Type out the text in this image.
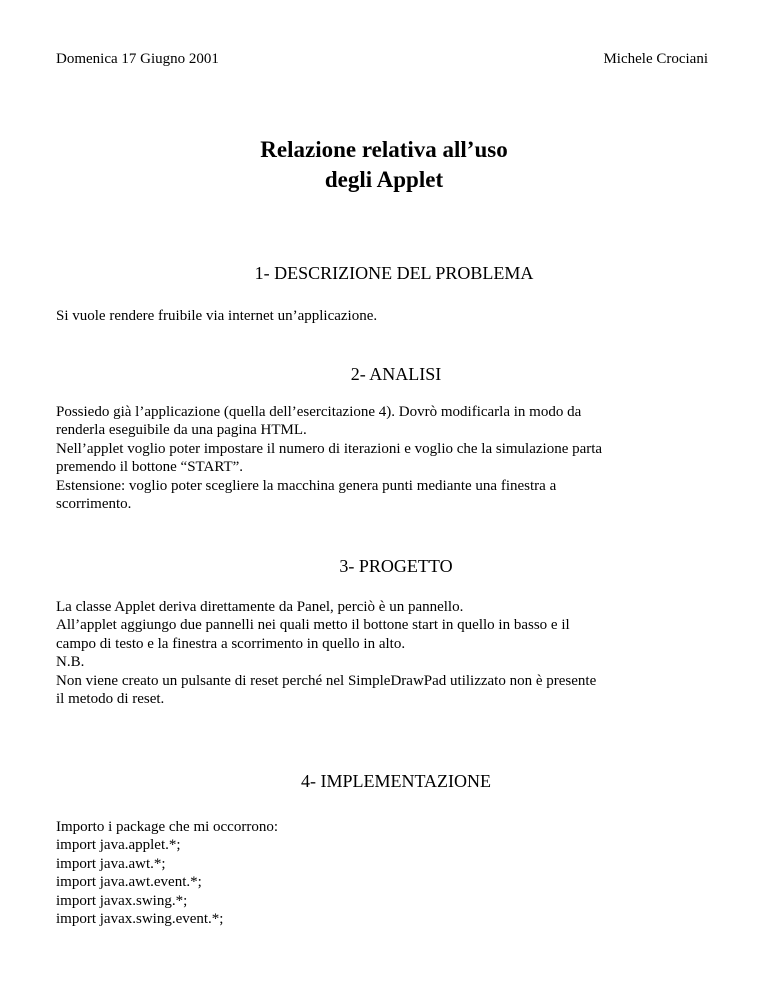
Domenica 17 Giugno 2001	Michele Crociani
Relazione relativa all’uso
degli Applet
1- DESCRIZIONE DEL PROBLEMA
Si vuole rendere fruibile via internet un’applicazione.
2- ANALISI
Possiedo già l’applicazione (quella dell’esercitazione 4). Dovrò modificarla in modo da
renderla eseguibile da una pagina HTML.
Nell’applet voglio poter impostare il numero di iterazioni e voglio che la simulazione parta
premendo il bottone “START”.
Estensione: voglio poter scegliere la macchina genera punti mediante una finestra a
scorrimento.
3- PROGETTO
La classe Applet deriva direttamente da Panel, perciò è un pannello.
All’applet aggiungo due pannelli nei quali metto il bottone start in quello in basso e il
campo di testo e la finestra a scorrimento in quello in alto.
N.B.
Non viene creato un pulsante di reset perché nel SimpleDrawPad utilizzato non è presente
il metodo di reset.
4- IMPLEMENTAZIONE
Importo i package che mi occorrono:
import java.applet.*;
import java.awt.*;
import java.awt.event.*;
import javax.swing.*;
import javax.swing.event.*;
